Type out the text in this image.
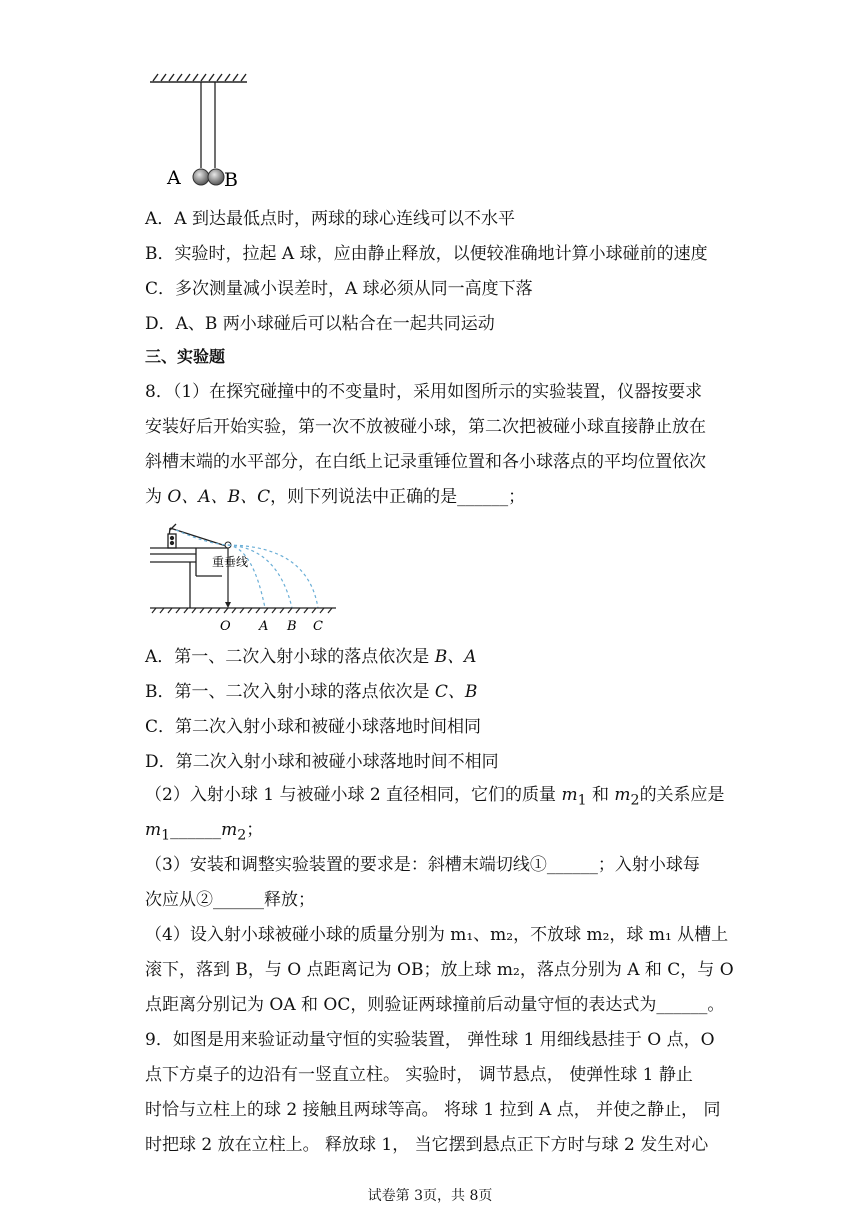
A B
A．A 到达最低点时，两球的球心连线可以不水平
B．实验时，拉起 A 球，应由静止释放，以便较准确地计算小球碰前的速度
C．多次测量减小误差时，A 球必须从同一高度下落
D．A、B 两小球碰后可以粘合在一起共同运动
三、实验题
8．（1）在探究碰撞中的不变量时，采用如图所示的实验装置，仪器按要求
安装好后开始实验，第一次不放被碰小球，第二次把被碰小球直接静止放在
斜槽末端的水平部分，在白纸上记录重锤位置和各小球落点的平均位置依次
为 O、A、B、C，则下列说法中正确的是______；
重垂线
O A B C
A．第一、二次入射小球的落点依次是 B、A
B．第一、二次入射小球的落点依次是 C、B
C．第二次入射小球和被碰小球落地时间相同
D．第二次入射小球和被碰小球落地时间不相同
（2）入射小球 1 与被碰小球 2 直径相同，它们的质量 $m_1$ 和 $m_2$的关系应是
$m_1\_\_\_\_\_\_m_2$；
（3）安装和调整实验装置的要求是：斜槽末端切线①______；入射小球每
次应从②______释放；
（4）设入射小球被碰小球的质量分别为 m₁、m₂，不放球 m₂，球 m₁ 从槽上
滚下，落到 B，与 O 点距离记为 OB；放上球 m₂，落点分别为 A 和 C，与 O
点距离分别记为 OA 和 OC，则验证两球撞前后动量守恒的表达式为______。
9．如图是用来验证动量守恒的实验装置， 弹性球 1 用细线悬挂于 O 点，O
点下方桌子的边沿有一竖直立柱。 实验时， 调节悬点， 使弹性球 1 静止
时恰与立柱上的球 2 接触且两球等高。 将球 1 拉到 A 点， 并使之静止， 同
时把球 2 放在立柱上。 释放球 1， 当它摆到悬点正下方时与球 2 发生对心
试卷第 3页，共 8页
